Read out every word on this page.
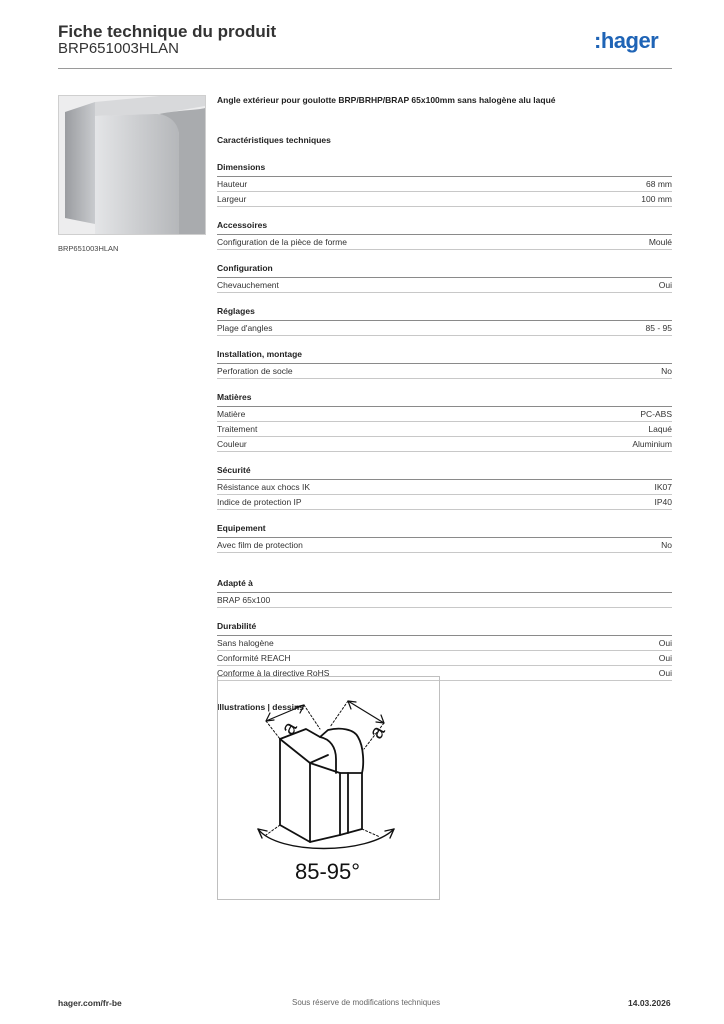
Fiche technique du produit
BRP651003HLAN	:hager
BRP651003HLAN
Angle extérieur pour goulotte BRP/BRHP/BRAP 65x100mm sans halogène alu laqué
Caractéristiques techniques
Dimensions
Hauteur	68 mm
Largeur	100 mm
Accessoires
Configuration de la pièce de forme	Moulé
Configuration
Chevauchement	Oui
Réglages
Plage d'angles	85 - 95
Installation, montage
Perforation de socle	No
Matières
Matière	PC-ABS
Traitement	Laqué
Couleur	Aluminium
Sécurité
Résistance aux chocs IK	IK07
Indice de protection IP	IP40
Equipement
Avec film de protection	No
Adapté à
BRAP 65x100
Durabilité
Sans halogène	Oui
Conformité REACH	Oui
Conforme à la directive RoHS	Oui
Illustrations | dessins
a	a
85-95°
hager.com/fr-be	Sous réserve de modifications techniques	14.03.2026
